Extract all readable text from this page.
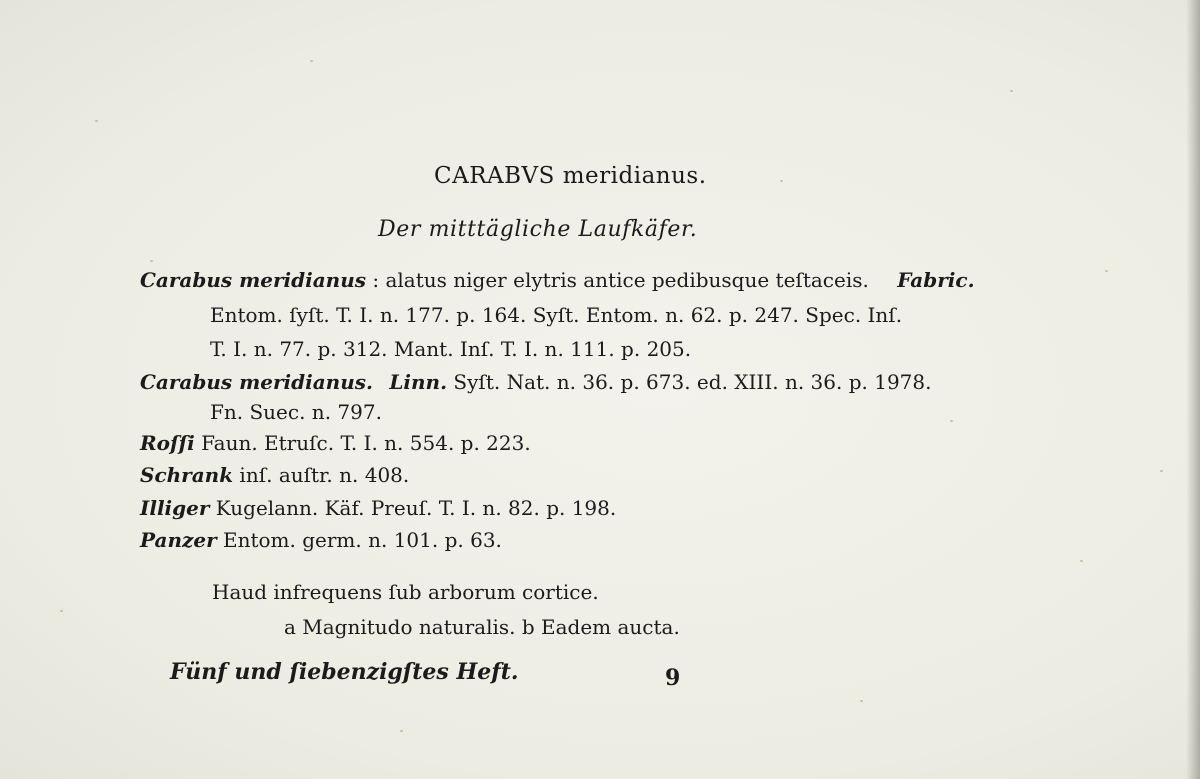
CARABVS meridianus.
Der mitttägliche Laufkäfer.
Carabus meridianus : alatus niger elytris antice pedibusque teſtaceis. Fabric.
Entom. ſyſt. T. I. n. 177. p. 164. Syſt. Entom. n. 62. p. 247. Spec. Inſ.
T. I. n. 77. p. 312. Mant. Inſ. T. I. n. 111. p. 205.
Carabus meridianus. Linn. Syſt. Nat. n. 36. p. 673. ed. XIII. n. 36. p. 1978.
Fn. Suec. n. 797.
Roſſi Faun. Etruſc. T. I. n. 554. p. 223.
Schrank inſ. auſtr. n. 408.
Illiger Kugelann. Käf. Preuſ. T. I. n. 82. p. 198.
Panzer Entom. germ. n. 101. p. 63.
Haud infrequens ſub arborum cortice.
a Magnitudo naturalis. b Eadem aucta.
Fünf und ſiebenzigſtes Heft.	9
